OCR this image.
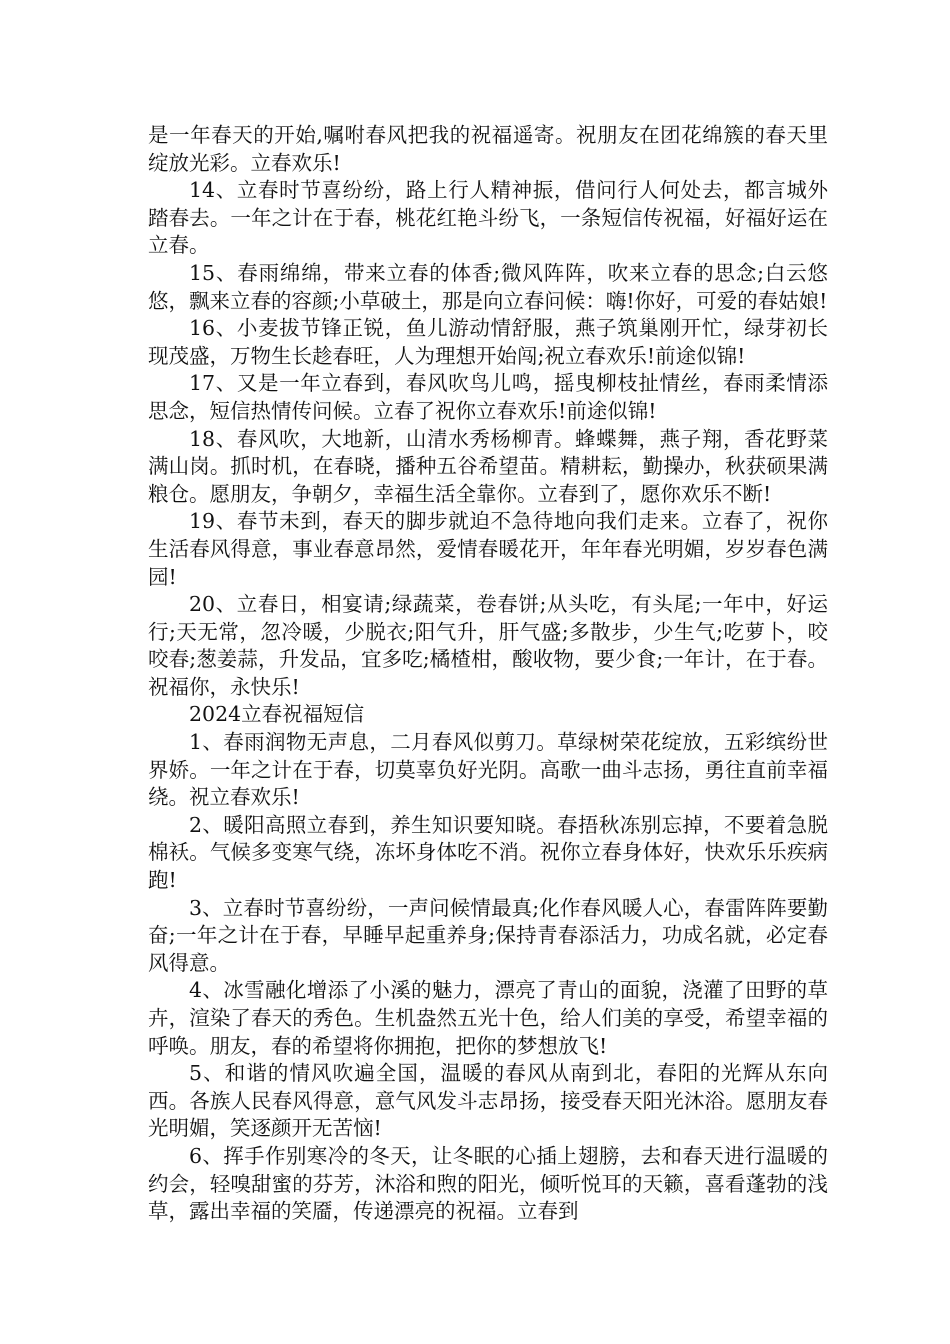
是一年春天的开始,嘱咐春风把我的祝福遥寄。祝朋友在团花绵簇的春天里绽放光彩。立春欢乐!

14、立春时节喜纷纷，路上行人精神振，借问行人何处去，都言城外踏春去。一年之计在于春，桃花红艳斗纷飞，一条短信传祝福，好福好运在立春。

15、春雨绵绵，带来立春的体香;微风阵阵，吹来立春的思念;白云悠悠，飘来立春的容颜;小草破土，那是向立春问候：嗨!你好，可爱的春姑娘!

16、小麦拔节锋正锐，鱼儿游动情舒服，燕子筑巢刚开忙，绿芽初长现茂盛，万物生长趁春旺，人为理想开始闯;祝立春欢乐!前途似锦!

17、又是一年立春到，春风吹鸟儿鸣，摇曳柳枝扯情丝，春雨柔情添思念，短信热情传问候。立春了祝你立春欢乐!前途似锦!

18、春风吹，大地新，山清水秀杨柳青。蜂蝶舞，燕子翔，香花野菜满山岗。抓时机，在春晓，播种五谷希望苗。精耕耘，勤操办，秋获硕果满粮仓。愿朋友，争朝夕，幸福生活全靠你。立春到了，愿你欢乐不断!

19、春节未到，春天的脚步就迫不急待地向我们走来。立春了，祝你生活春风得意，事业春意昂然，爱情春暖花开，年年春光明媚，岁岁春色满园!

20、立春日，相宴请;绿蔬菜，卷春饼;从头吃，有头尾;一年中，好运行;天无常，忽冷暖，少脱衣;阳气升，肝气盛;多散步，少生气;吃萝卜，咬咬春;葱姜蒜，升发品，宜多吃;橘楂柑，酸收物，要少食;一年计，在于春。祝福你，永快乐!

2024立春祝福短信

1、春雨润物无声息，二月春风似剪刀。草绿树荣花绽放，五彩缤纷世界娇。一年之计在于春，切莫辜负好光阴。高歌一曲斗志扬，勇往直前幸福绕。祝立春欢乐!

2、暖阳高照立春到，养生知识要知晓。春捂秋冻别忘掉，不要着急脱棉袄。气候多变寒气绕，冻坏身体吃不消。祝你立春身体好，快欢乐乐疾病跑!

3、立春时节喜纷纷，一声问候情最真;化作春风暖人心，春雷阵阵要勤奋;一年之计在于春，早睡早起重养身;保持青春添活力，功成名就，必定春风得意。

4、冰雪融化增添了小溪的魅力，漂亮了青山的面貌，浇灌了田野的草卉，渲染了春天的秀色。生机盎然五光十色，给人们美的享受，希望幸福的呼唤。朋友，春的希望将你拥抱，把你的梦想放飞!

5、和谐的情风吹遍全国，温暖的春风从南到北，春阳的光辉从东向西。各族人民春风得意，意气风发斗志昂扬，接受春天阳光沐浴。愿朋友春光明媚，笑逐颜开无苦恼!

6、挥手作别寒冷的冬天，让冬眠的心插上翅膀，去和春天进行温暖的约会，轻嗅甜蜜的芬芳，沐浴和煦的阳光，倾听悦耳的天籁，喜看蓬勃的浅草，露出幸福的笑靥，传递漂亮的祝福。立春到
